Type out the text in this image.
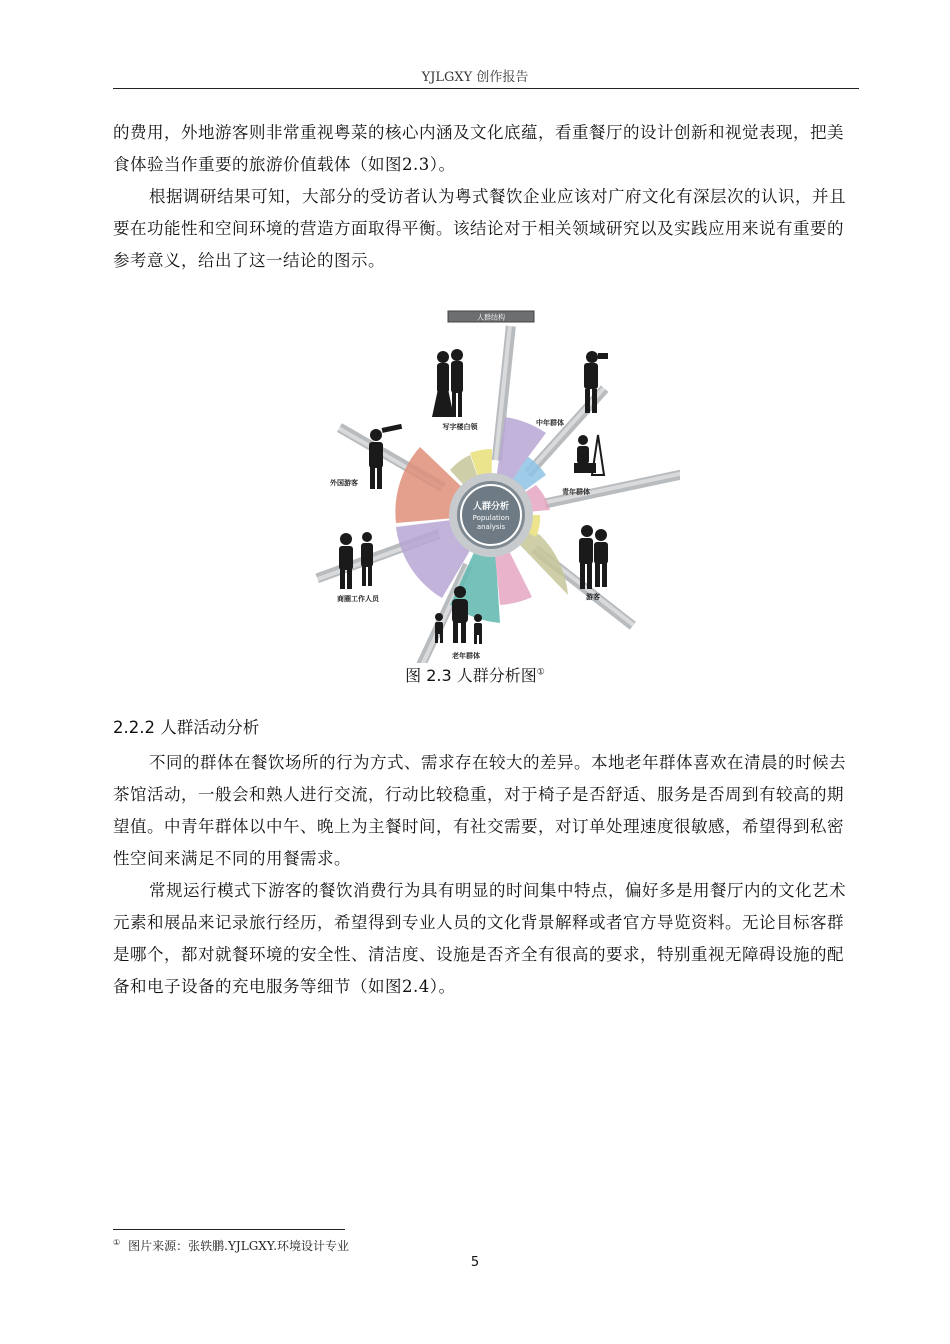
YJLGXY 创作报告

的费用，外地游客则非常重视粤菜的核心内涵及文化底蕴，看重餐厅的设计创新和视觉表现，把美食体验当作重要的旅游价值载体（如图2.3）。

根据调研结果可知，大部分的受访者认为粤式餐饮企业应该对广府文化有深层次的认识，并且要在功能性和空间环境的营造方面取得平衡。该结论对于相关领域研究以及实践应用来说有重要的参考意义，给出了这一结论的图示。

人群分析
Population
analysis
人群结构
写字楼白领	中年群体
青年群体
游客
老年群体
商圈工作人员
外国游客
图 2.3 人群分析图①
2.2.2 人群活动分析

不同的群体在餐饮场所的行为方式、需求存在较大的差异。本地老年群体喜欢在清晨的时候去茶馆活动，一般会和熟人进行交流，行动比较稳重，对于椅子是否舒适、服务是否周到有较高的期望值。中青年群体以中午、晚上为主餐时间，有社交需要，对订单处理速度很敏感，希望得到私密性空间来满足不同的用餐需求。

常规运行模式下游客的餐饮消费行为具有明显的时间集中特点，偏好多是用餐厅内的文化艺术元素和展品来记录旅行经历，希望得到专业人员的文化背景解释或者官方导览资料。无论目标客群是哪个，都对就餐环境的安全性、清洁度、设施是否齐全有很高的要求，特别重视无障碍设施的配备和电子设备的充电服务等细节（如图2.4）。

① 图片来源：张轶鹏.YJLGXY.环境设计专业
5
